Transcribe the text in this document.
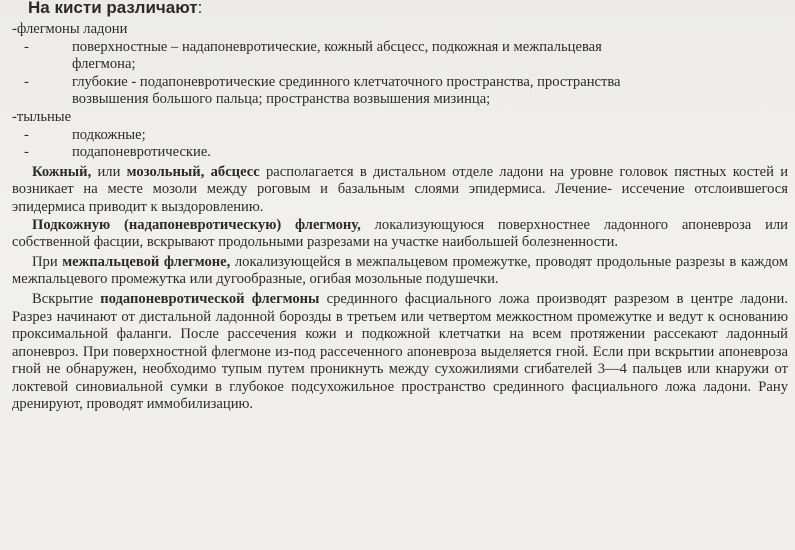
На кисти различают:
-флегмоны ладони
-	поверхностные – надапоневротические, кожный абсцесс, подкожная и межпальцевая
флегмона;
-	глубокие - подапоневротические срединного клетчаточного пространства, пространства
возвышения большого пальца; пространства возвышения мизинца;
-тыльные
-	подкожные;
-	подапоневротические.

Кожный, или мозольный, абсцесс располагается в дистальном отделе ладони на уровне головок пястных костей и возникает на месте мозоли между роговым и базальным слоями эпидермиса. Лечение- иссечение отслоившегося эпидермиса приводит к выздоровлению.

Подкожную (надапоневротическую) флегмону, локализующуюся поверхностнее ладонного апоневроза или собственной фасции, вскрывают продольными разрезами на участке наибольшей болезненности.

При межпальцевой флегмоне, локализующейся в межпальцевом промежутке, проводят продольные разрезы в каждом межпальцевого промежутка или дугообразные, огибая мозольные подушечки.

Вскрытие подапоневротической флегмоны срединного фасциального ложа производят разрезом в центре ладони. Разрез начинают от дистальной ладонной борозды в третьем или четвертом межкостном промежутке и ведут к основанию проксимальной фаланги. После рассечения кожи и подкожной клетчатки на всем протяжении рассекают ладонный апоневроз. При поверхностной флегмоне из-под рассеченного апоневроза выделяется гной. Если при вскрытии апоневроза гной не обнаружен, необходимо тупым путем проникнуть между сухожилиями сгибателей 3—4 пальцев или кнаружи от локтевой синовиальной сумки в глубокое подсухожильное пространство срединного фасциального ложа ладони. Рану дренируют, проводят иммобилизацию.
